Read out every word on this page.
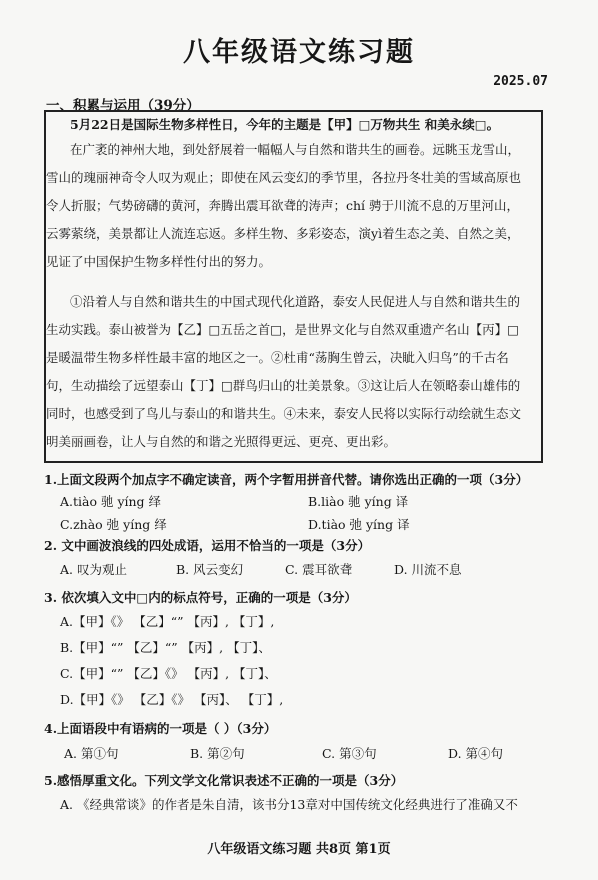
八年级语文练习题
2025.07
一、积累与运用（39分）
5月22日是国际生物多样性日，今年的主题是【甲】□万物共生 和美永续□。
在广袤的神州大地，到处舒展着一幅幅人与自然和谐共生的画卷。远眺玉龙雪山，
雪山的瑰丽神奇令人叹为观止；即使在风云变幻的季节里，各拉丹冬壮美的雪域高原也
令人折服；气势磅礴的黄河，奔腾出震耳欲聋的涛声；chí 骋于川流不息的万里河山，
云雾萦绕，美景都让人流连忘返。多样生物、多彩姿态，演yì着生态之美、自然之美，
见证了中国保护生物多样性付出的努力。
①沿着人与自然和谐共生的中国式现代化道路，泰安人民促进人与自然和谐共生的
生动实践。泰山被誉为【乙】□五岳之首□，是世界文化与自然双重遗产名山【丙】□
是暖温带生物多样性最丰富的地区之一。②杜甫“荡胸生曾云，决眦入归鸟”的千古名
句，生动描绘了远望泰山【丁】□群鸟归山的壮美景象。③这让后人在领略泰山雄伟的
同时，也感受到了鸟儿与泰山的和谐共生。④未来，泰安人民将以实际行动绘就生态文
明美丽画卷，让人与自然的和谐之光照得更远、更亮、更出彩。
1.上面文段两个加点字不确定读音，两个字暂用拼音代替。请你选出正确的一项（3分）
A.tiào 驰 yíng 绎	B.liào 驰 yíng 译
C.zhào 弛 yíng 绎	D.tiào 弛 yíng 译
2. 文中画波浪线的四处成语，运用不恰当的一项是（3分）
A. 叹为观止	B. 风云变幻	C. 震耳欲聋	D. 川流不息
3. 依次填入文中□内的标点符号，正确的一项是（3分）
A.【甲】《》 【乙】“” 【丙】, 【丁】,
B.【甲】“” 【乙】“” 【丙】, 【丁】、
C.【甲】“” 【乙】《》 【丙】, 【丁】、
D.【甲】《》 【乙】《》 【丙】、 【丁】,
4.上面语段中有语病的一项是（ ）（3分）
A. 第①句	B. 第②句	C. 第③句	D. 第④句
5.感悟厚重文化。下列文学文化常识表述不正确的一项是（3分）
A. 《经典常谈》的作者是朱自清，该书分13章对中国传统文化经典进行了准确又不
八年级语文练习题 共8页 第1页
